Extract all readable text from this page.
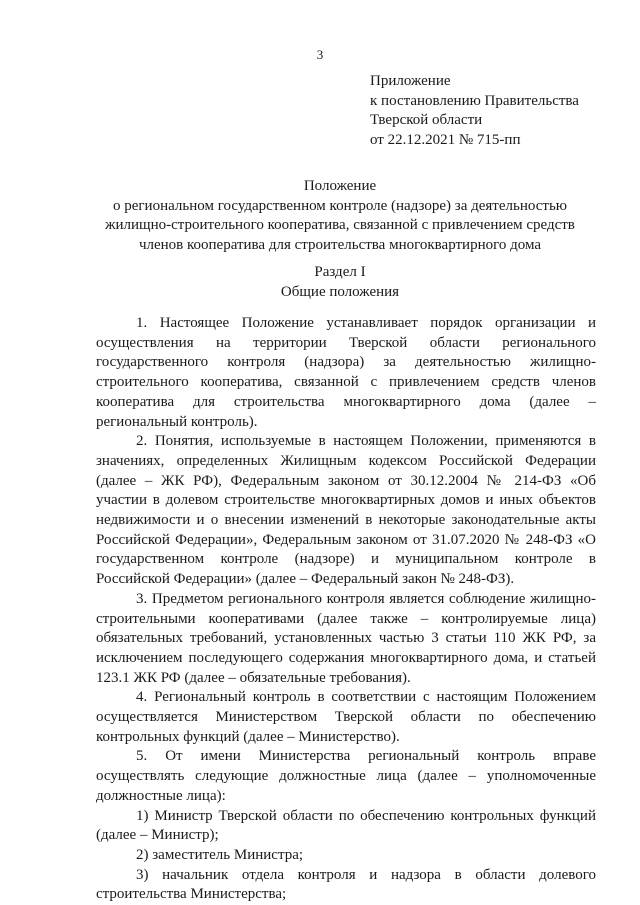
3
Приложение
к постановлению Правительства
Тверской области
от 22.12.2021 № 715-пп
Положение
о региональном государственном контроле (надзоре) за деятельностью
жилищно-строительного кооператива, связанной с привлечением средств
членов кооператива для строительства многоквартирного дома
Раздел I
Общие положения

1. Настоящее Положение устанавливает порядок организации и осуществления на территории Тверской области регионального государственного контроля (надзора) за деятельностью жилищно-строительного кооператива, связанной с привлечением средств членов кооператива для строительства многоквартирного дома (далее – региональный контроль).

2. Понятия, используемые в настоящем Положении, применяются в значениях, определенных Жилищным кодексом Российской Федерации (далее – ЖК РФ), Федеральным законом от 30.12.2004 № 214-ФЗ «Об участии в долевом строительстве многоквартирных домов и иных объектов недвижимости и о внесении изменений в некоторые законодательные акты Российской Федерации», Федеральным законом от 31.07.2020 № 248-ФЗ «О государственном контроле (надзоре) и муниципальном контроле в Российской Федерации» (далее – Федеральный закон № 248-ФЗ).

3. Предметом регионального контроля является соблюдение жилищно-строительными кооперативами (далее также – контролируемые лица) обязательных требований, установленных частью 3 статьи 110 ЖК РФ, за исключением последующего содержания многоквартирного дома, и статьей 123.1 ЖК РФ (далее – обязательные требования).

4. Региональный контроль в соответствии с настоящим Положением осуществляется Министерством Тверской области по обеспечению контрольных функций (далее – Министерство).

5. От имени Министерства региональный контроль вправе осуществлять следующие должностные лица (далее – уполномоченные должностные лица):

1) Министр Тверской области по обеспечению контрольных функций (далее – Министр);

2) заместитель Министра;

3) начальник отдела контроля и надзора в области долевого строительства Министерства;
